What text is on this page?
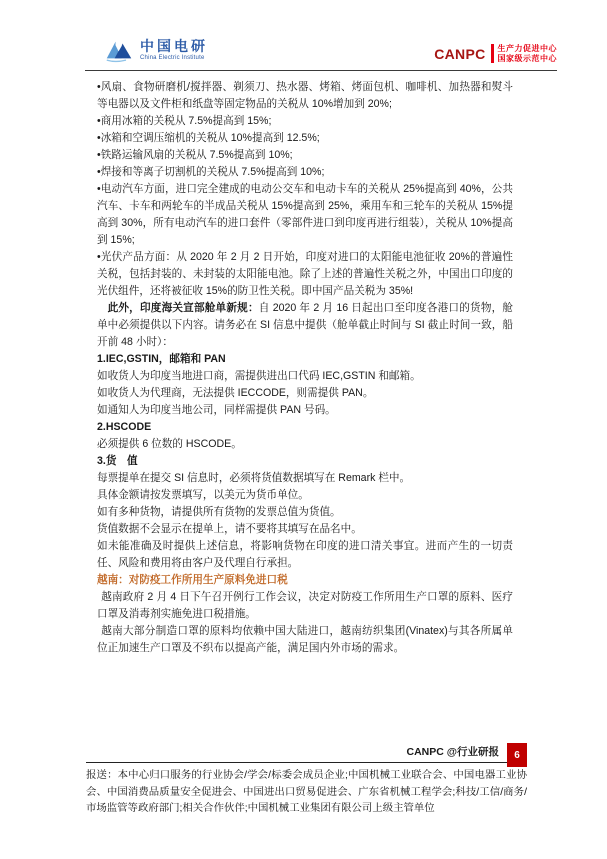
中国电研
China Electric Institute	CANPC 生产力促进中心
国家级示范中心

•风扇、食物研磨机/搅拌器、剃须刀、热水器、烤箱、烤面包机、咖啡机、加热器和熨斗等电器以及文件柜和纸盘等固定物品的关税从 10%增加到 20%;

•商用冰箱的关税从 7.5%提高到 15%;

•冰箱和空调压缩机的关税从 10%提高到 12.5%;

•铁路运输风扇的关税从 7.5%提高到 10%;

•焊接和等离子切割机的关税从 7.5%提高到 10%;

•电动汽车方面，进口完全建成的电动公交车和电动卡车的关税从 25%提高到 40%，公共汽车、卡车和两轮车的半成品关税从 15%提高到 25%，乘用车和三轮车的关税从 15%提高到 30%，所有电动汽车的进口套件（零部件进口到印度再进行组装），关税从 10%提高到 15%;

•光伏产品方面：从 2020 年 2 月 2 日开始，印度对进口的太阳能电池征收 20%的普遍性关税，包括封装的、未封装的太阳能电池。除了上述的普遍性关税之外，中国出口印度的光伏组件，还将被征收 15%的防卫性关税。即中国产品关税为 35%!

此外，印度海关宣部舱单新规：自 2020 年 2 月 16 日起出口至印度各港口的货物，舱单中必须提供以下内容。请务必在 SI 信息中提供（舱单截止时间与 SI 截止时间一致，船开前 48 小时）：

1.IEC,GSTIN，邮箱和 PAN

如收货人为印度当地进口商，需提供进出口代码 IEC,GSTIN 和邮箱。

如收货人为代理商，无法提供 IECCODE，则需提供 PAN。

如通知人为印度当地公司，同样需提供 PAN 号码。

2.HSCODE

必须提供 6 位数的 HSCODE。

3.货　值

每票提单在提交 SI 信息时，必须将货值数据填写在 Remark 栏中。

具体金额请按发票填写，以美元为货币单位。

如有多种货物，请提供所有货物的发票总值为货值。

货值数据不会显示在提单上，请不要将其填写在品名中。

如未能准确及时提供上述信息，将影响货物在印度的进口清关事宜。进而产生的一切责任、风险和费用将由客户及代理自行承担。

越南：对防疫工作所用生产原料免进口税

越南政府 2 月 4 日下午召开例行工作会议，决定对防疫工作所用生产口罩的原料、医疗口罩及消毒剂实施免进口税措施。

越南大部分制造口罩的原料均依赖中国大陆进口，越南纺织集团(Vinatex)与其各所属单位正加速生产口罩及不织布以提高产能，满足国内外市场的需求。

CANPC @行业研报	6

报送：本中心归口服务的行业协会/学会/标委会成员企业;中国机械工业联合会、中国电器工业协会、中国消费品质量安全促进会、中国进出口贸易促进会、广东省机械工程学会;科技/工信/商务/市场监管等政府部门;相关合作伙伴;中国机械工业集团有限公司上级主管单位
